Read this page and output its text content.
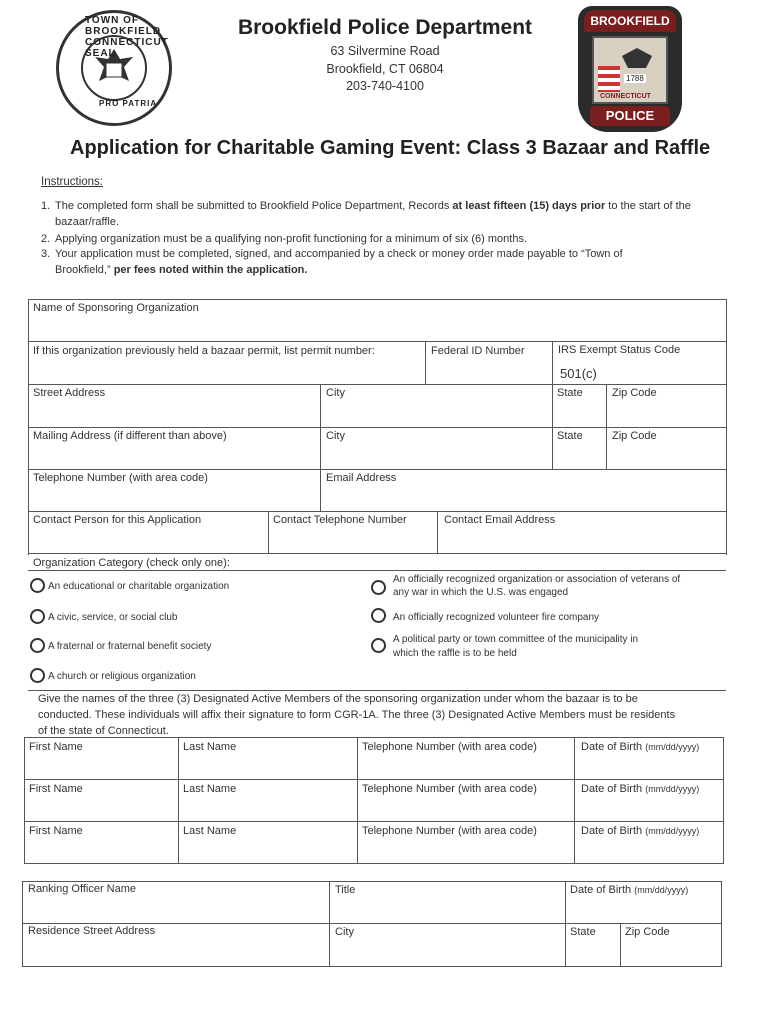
TOWN OF BROOKFIELD CONNECTICUT SEAL
PRO PATRIA
BROOKFIELD
1788
CONNECTICUT
POLICE
Brookfield Police Department
63 Silvermine Road
Brookfield, CT 06804
203-740-4100
Application for Charitable Gaming Event: Class 3 Bazaar and Raffle
Instructions:
1. The completed form shall be submitted to Brookfield Police Department, Records at least fifteen (15) days prior to the start of the
bazaar/raffle.
2. Applying organization must be a qualifying non-profit functioning for a minimum of six (6) months.
3. Your application must be completed, signed, and accompanied by a check or money order made payable to “Town of
Brookfield,” per fees noted within the application.
Name of Sponsoring Organization
If this organization previously held a bazaar permit, list permit number:	Federal ID Number	IRS Exempt Status Code
501(c)
Street Address	City	State	Zip Code
Mailing Address (if different than above)	City	State	Zip Code
Telephone Number (with area code)	Email Address
Contact Person for this Application	Contact Telephone Number	Contact Email Address
Organization Category (check only one):
An educational or charitable organization
A civic, service, or social club
A fraternal or fraternal benefit society
A church or religious organization
An officially recognized organization or association of veterans of
any war in which the U.S. was engaged
An officially recognized volunteer fire company
A political party or town committee of the municipality in
which the raffle is to be held
Give the names of the three (3) Designated Active Members of the sponsoring organization under whom the bazaar is to be
conducted. These individuals will affix their signature to form CGR-1A. The three (3) Designated Active Members must be residents
of the state of Connecticut.
First Name	Last Name	Telephone Number (with area code)	Date of Birth (mm/dd/yyyy)
First Name	Last Name	Telephone Number (with area code)	Date of Birth (mm/dd/yyyy)
First Name	Last Name	Telephone Number (with area code)	Date of Birth (mm/dd/yyyy)
Ranking Officer Name	Title	Date of Birth (mm/dd/yyyy)
Residence Street Address	City	State	Zip Code
